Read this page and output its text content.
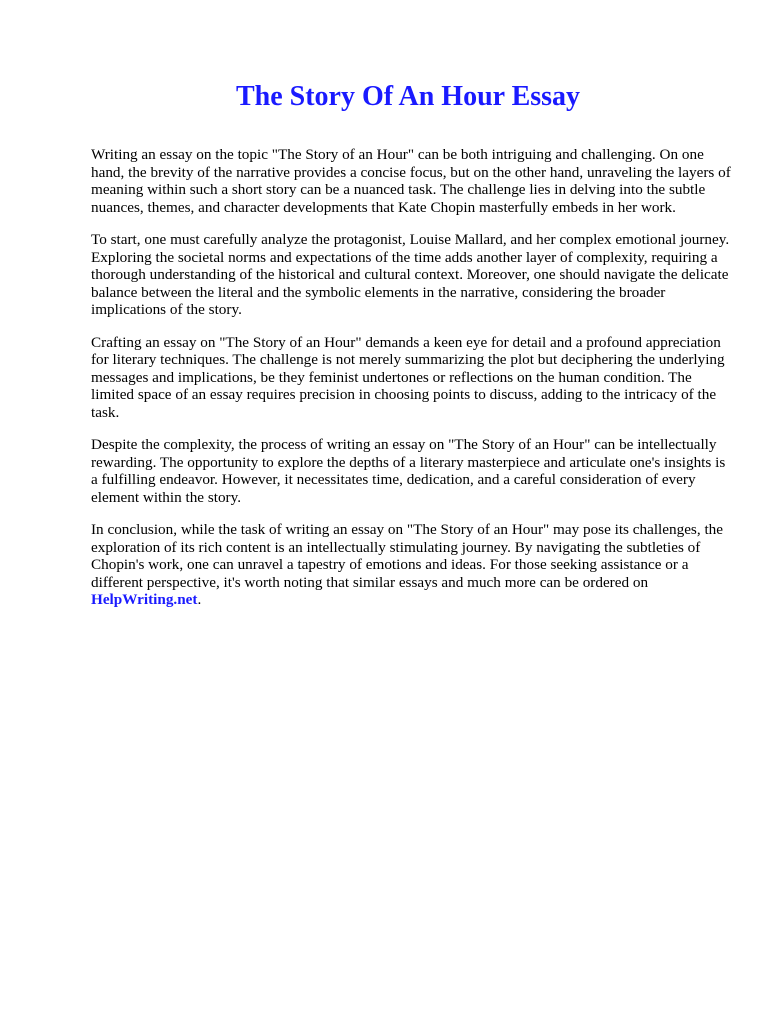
The Story Of An Hour Essay

Writing an essay on the topic "The Story of an Hour" can be both intriguing and challenging. On one hand, the brevity of the narrative provides a concise focus, but on the other hand, unraveling the layers of meaning within such a short story can be a nuanced task. The challenge lies in delving into the subtle nuances, themes, and character developments that Kate Chopin masterfully embeds in her work.

To start, one must carefully analyze the protagonist, Louise Mallard, and her complex emotional journey. Exploring the societal norms and expectations of the time adds another layer of complexity, requiring a thorough understanding of the historical and cultural context. Moreover, one should navigate the delicate balance between the literal and the symbolic elements in the narrative, considering the broader implications of the story.

Crafting an essay on "The Story of an Hour" demands a keen eye for detail and a profound appreciation for literary techniques. The challenge is not merely summarizing the plot but deciphering the underlying messages and implications, be they feminist undertones or reflections on the human condition. The limited space of an essay requires precision in choosing points to discuss, adding to the intricacy of the task.

Despite the complexity, the process of writing an essay on "The Story of an Hour" can be intellectually rewarding. The opportunity to explore the depths of a literary masterpiece and articulate one's insights is a fulfilling endeavor. However, it necessitates time, dedication, and a careful consideration of every element within the story.

In conclusion, while the task of writing an essay on "The Story of an Hour" may pose its challenges, the exploration of its rich content is an intellectually stimulating journey. By navigating the subtleties of Chopin's work, one can unravel a tapestry of emotions and ideas. For those seeking assistance or a different perspective, it's worth noting that similar essays and much more can be ordered on HelpWriting.net.
